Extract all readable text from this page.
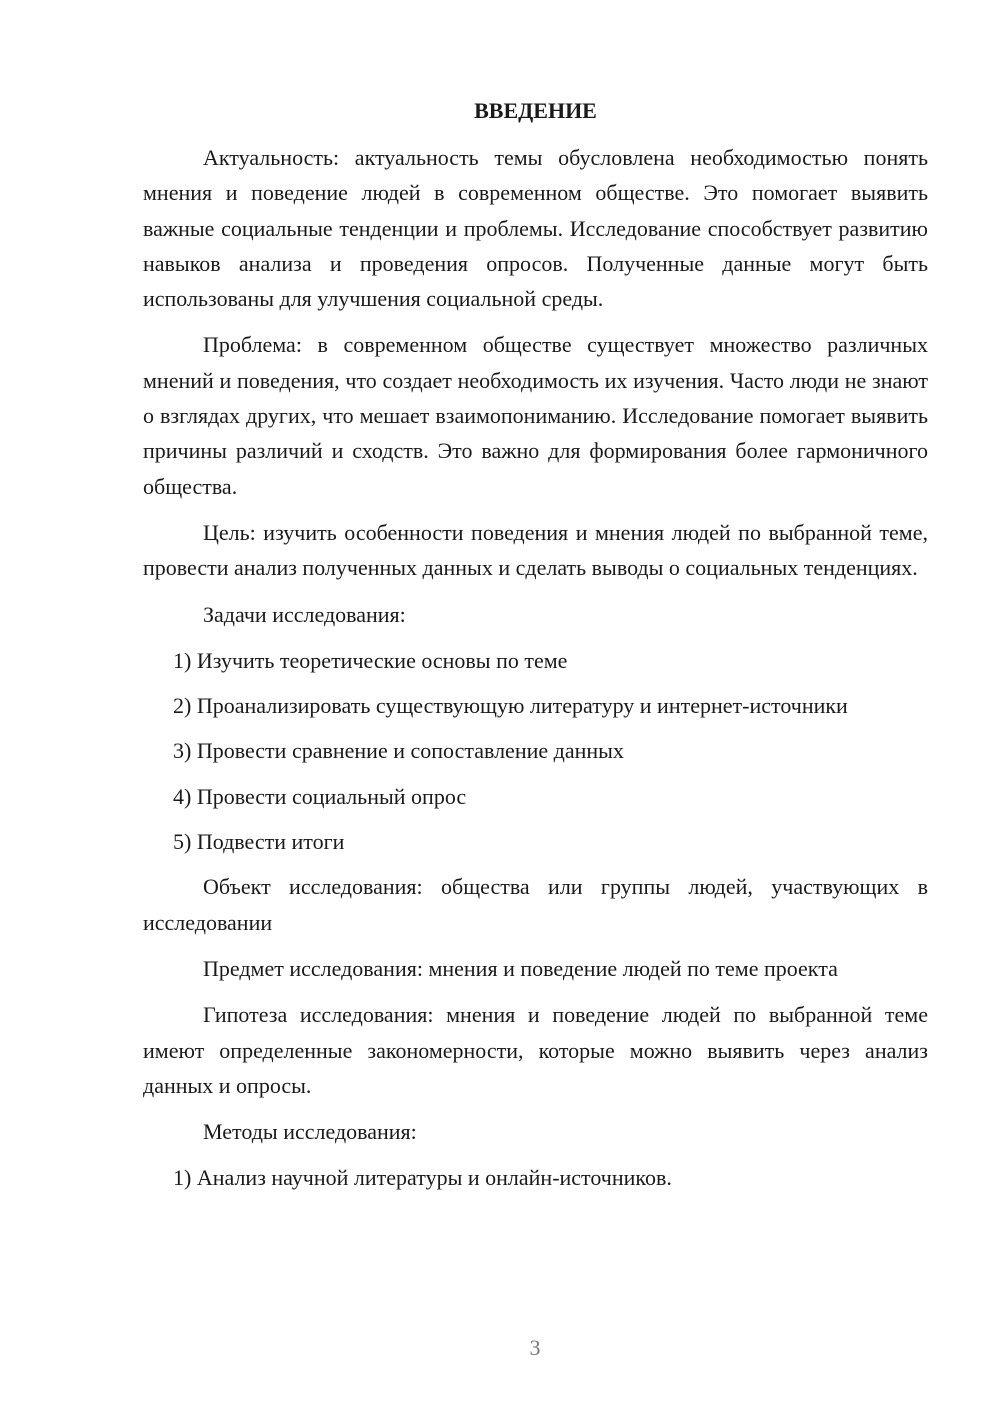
ВВЕДЕНИЕ

Актуальность: актуальность темы обусловлена необходимостью понять мнения и поведение людей в современном обществе. Это помогает выявить важные социальные тенденции и проблемы. Исследование способствует развитию навыков анализа и проведения опросов. Полученные данные могут быть использованы для улучшения социальной среды.

Проблема: в современном обществе существует множество различных мнений и поведения, что создает необходимость их изучения. Часто люди не знают о взглядах других, что мешает взаимопониманию. Исследование помогает выявить причины различий и сходств. Это важно для формирования более гармоничного общества.

Цель: изучить особенности поведения и мнения людей по выбранной теме, провести анализ полученных данных и сделать выводы о социальных тенденциях.

Задачи исследования:

1) Изучить теоретические основы по теме

2) Проанализировать существующую литературу и интернет-источники

3) Провести сравнение и сопоставление данных

4) Провести социальный опрос

5) Подвести итоги

Объект исследования: общества или группы людей, участвующих в исследовании

Предмет исследования: мнения и поведение людей по теме проекта

Гипотеза исследования: мнения и поведение людей по выбранной теме имеют определенные закономерности, которые можно выявить через анализ данных и опросы.

Методы исследования:

1) Анализ научной литературы и онлайн-источников.

3
